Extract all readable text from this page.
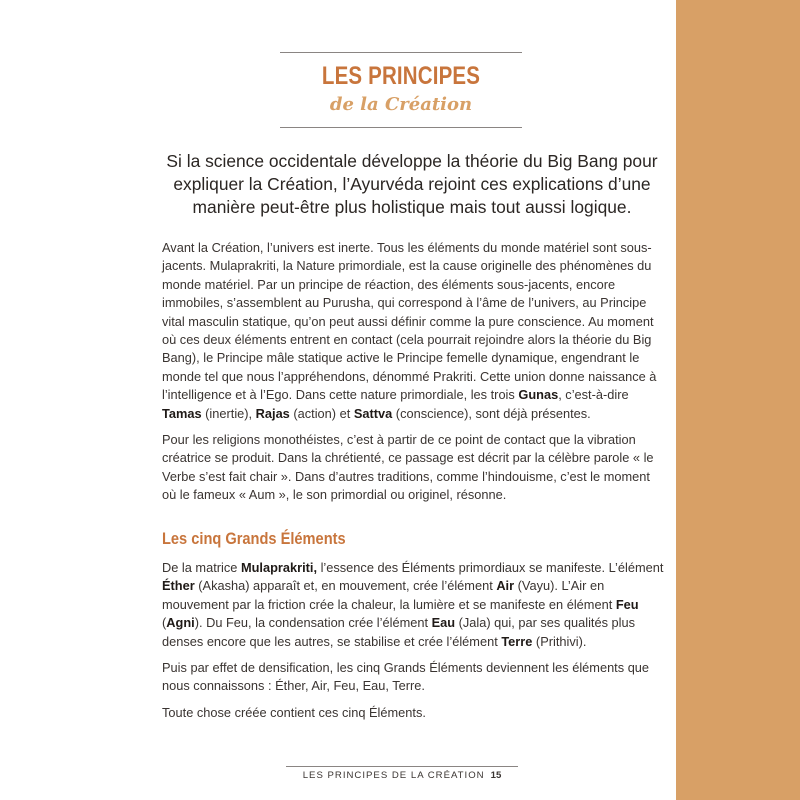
LES PRINCIPES
de la Création

Si la science occidentale développe la théorie du Big Bang pour expliquer la Création, l’Ayurvéda rejoint ces explications d’une manière peut-être plus holistique mais tout aussi logique.

Avant la Création, l’univers est inerte. Tous les éléments du monde matériel sont sous-jacents. Mulaprakriti, la Nature primordiale, est la cause originelle des phénomènes du monde matériel. Par un principe de réaction, des éléments sous-jacents, encore immobiles, s’assemblent au Purusha, qui correspond à l’âme de l’univers, au Principe vital masculin statique, qu’on peut aussi définir comme la pure conscience. Au moment où ces deux éléments entrent en contact (cela pourrait rejoindre alors la théorie du Big Bang), le Principe mâle statique active le Principe femelle dynamique, engendrant le monde tel que nous l’appréhendons, dénommé Prakriti. Cette union donne naissance à l’intelligence et à l’Ego. Dans cette nature primordiale, les trois Gunas, c’est-à-dire Tamas (inertie), Rajas (action) et Sattva (conscience), sont déjà présentes.

Pour les religions monothéistes, c’est à partir de ce point de contact que la vibration créatrice se produit. Dans la chrétienté, ce passage est décrit par la célèbre parole « le Verbe s’est fait chair ». Dans d’autres traditions, comme l’hindouisme, c’est le moment où le fameux « Aum », le son primordial ou originel, résonne.

Les cinq Grands Éléments

De la matrice Mulaprakriti, l’essence des Éléments primordiaux se manifeste. L’élément Éther (Akasha) apparaît et, en mouvement, crée l’élément Air (Vayu). L’Air en mouvement par la friction crée la chaleur, la lumière et se manifeste en élément Feu (Agni). Du Feu, la condensation crée l’élément Eau (Jala) qui, par ses qualités plus denses encore que les autres, se stabilise et crée l’élément Terre (Prithivi).

Puis par effet de densification, les cinq Grands Éléments deviennent les éléments que nous connaissons : Éther, Air, Feu, Eau, Terre.

Toute chose créée contient ces cinq Éléments.

LES PRINCIPES DE LA CRÉATION 15
